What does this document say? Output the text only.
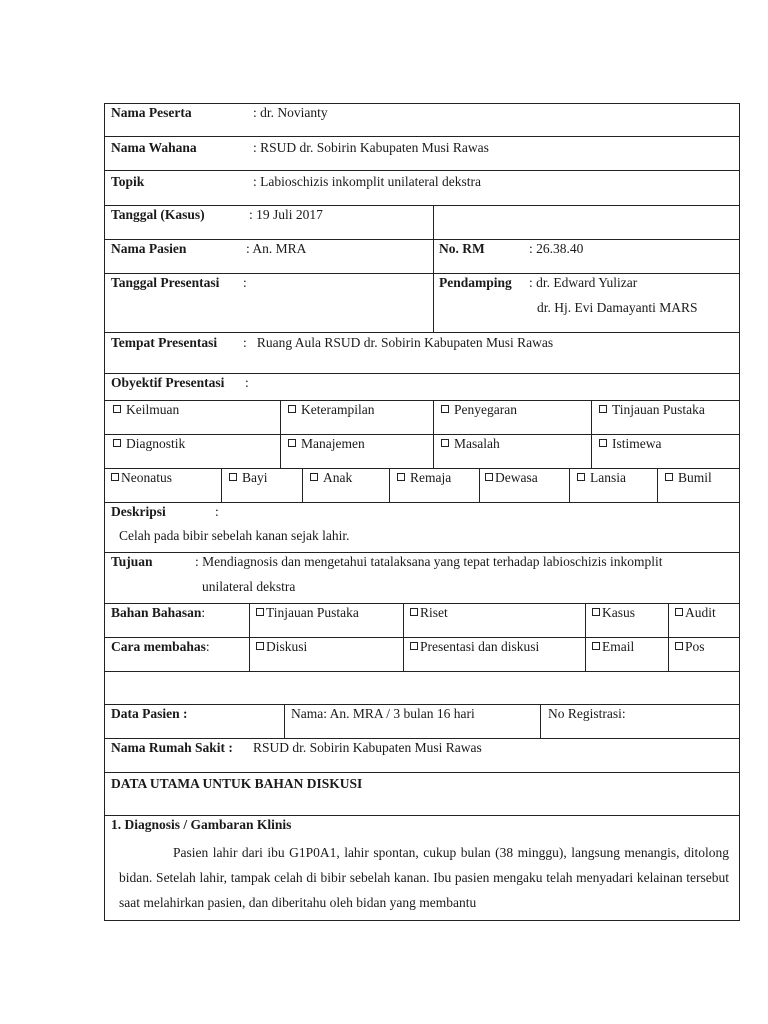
Nama Peserta	: dr. Novianty
Nama Wahana	: RSUD dr. Sobirin Kabupaten Musi Rawas
Topik	: Labioschizis inkomplit unilateral dekstra
Tanggal (Kasus)	: 19 Juli 2017
Nama Pasien	: An. MRA	No. RM	: 26.38.40
Tanggal Presentasi :	Pendamping : dr. Edward Yulizar
dr. Hj. Evi Damayanti MARS
Tempat Presentasi :   Ruang Aula RSUD dr. Sobirin Kabupaten Musi Rawas
Obyektif Presentasi :
Keilmuan	Keterampilan	Penyegaran	Tinjauan Pustaka
Diagnostik	Manajemen	Masalah	Istimewa
Neonatus	Bayi	Anak	Remaja	Dewasa	Lansia	Bumil
Deskripsi	:
Celah pada bibir sebelah kanan sejak lahir.
Tujuan	: Mendiagnosis dan mengetahui tatalaksana yang tepat terhadap labioschizis inkomplit
unilateral dekstra
Bahan Bahasan:	Tinjauan Pustaka	Riset	Kasus	Audit
Cara membahas:	Diskusi	Presentasi dan diskusi	Email	Pos
Data Pasien :	Nama: An. MRA / 3 bulan 16 hari	No Registrasi:
Nama Rumah Sakit : RSUD dr. Sobirin Kabupaten Musi Rawas
DATA UTAMA UNTUK BAHAN DISKUSI
1. Diagnosis / Gambaran Klinis
Pasien lahir dari ibu G1P0A1, lahir spontan, cukup bulan (38 minggu), langsung menangis, ditolong bidan. Setelah lahir, tampak celah di bibir sebelah kanan. Ibu pasien mengaku telah menyadari kelainan tersebut saat melahirkan pasien, dan diberitahu oleh bidan yang membantu
